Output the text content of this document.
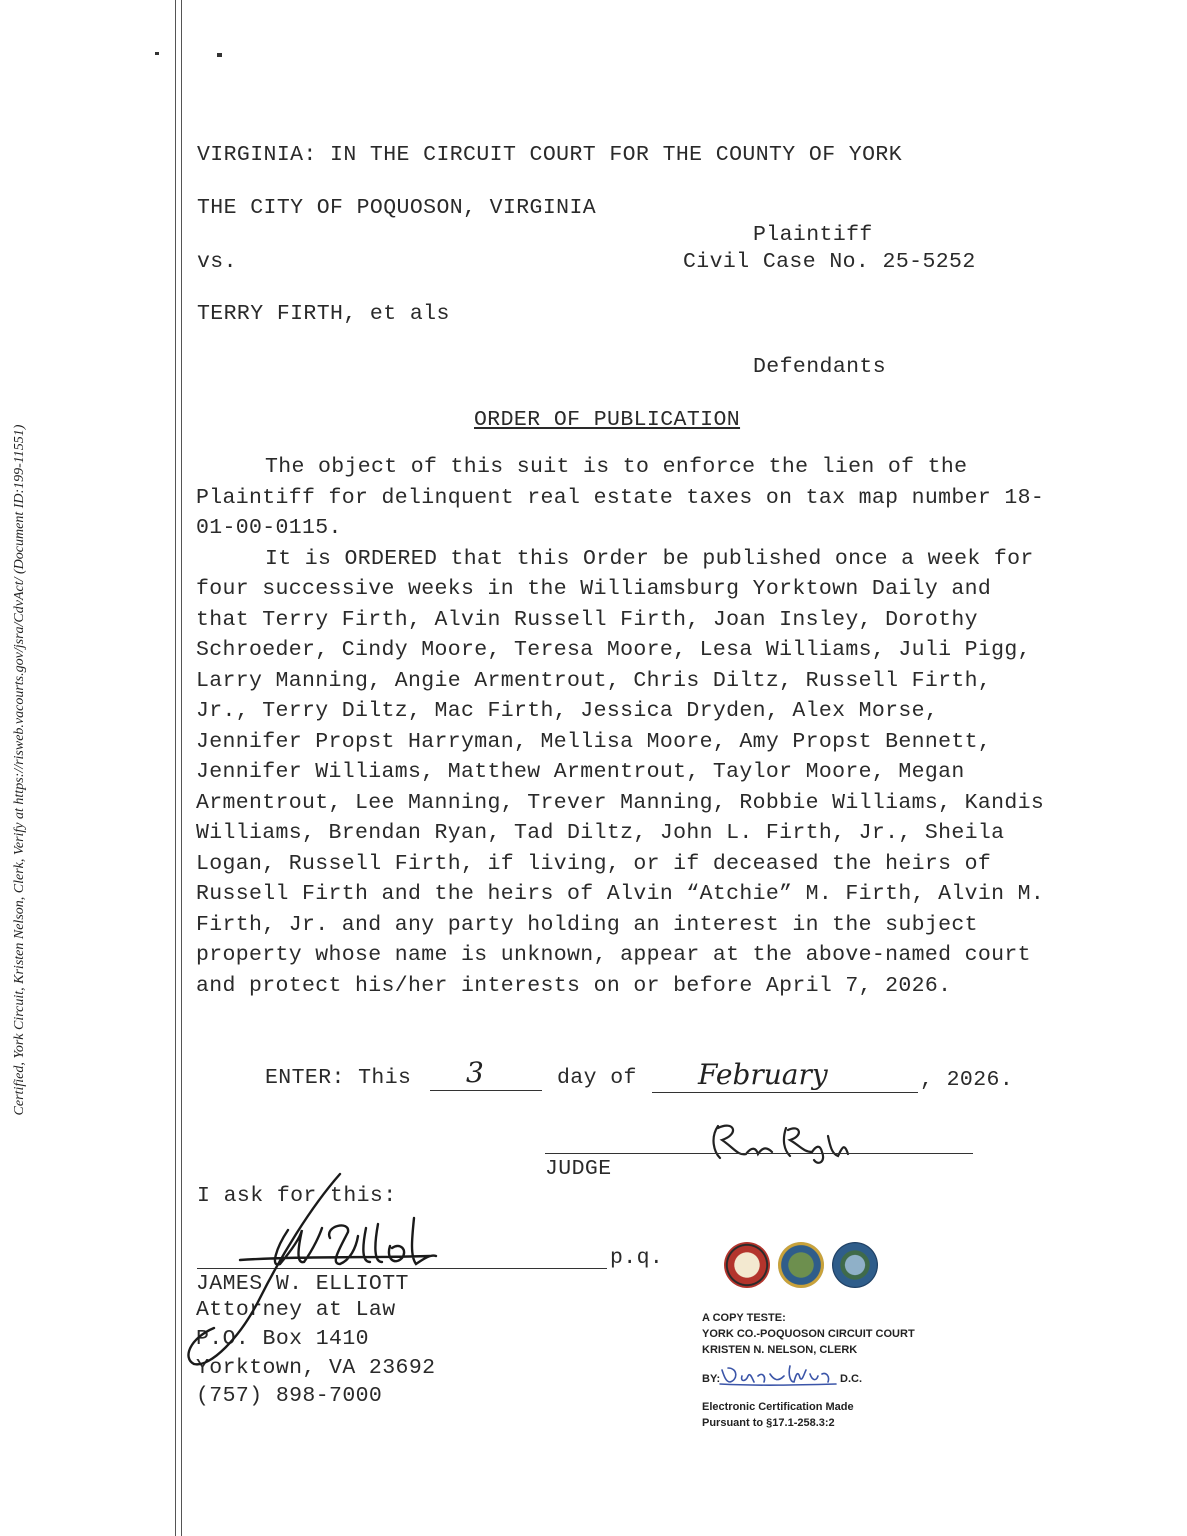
Certified, York Circuit, Kristen Nelson, Clerk, Verify at https://risweb.vacourts.gov/jsra/CdvAct/ (Document ID:199-11551)
VIRGINIA: IN THE CIRCUIT COURT FOR THE COUNTY OF YORK
THE CITY OF POQUOSON, VIRGINIA
Plaintiff
vs.	Civil Case No. 25-5252
TERRY FIRTH, et als
Defendants
ORDER OF PUBLICATION

The object of this suit is to enforce the lien of the Plaintiff for delinquent real estate taxes on tax map number 18-01-00-0115.

It is ORDERED that this Order be published once a week for four successive weeks in the Williamsburg Yorktown Daily and that Terry Firth, Alvin Russell Firth, Joan Insley, Dorothy Schroeder, Cindy Moore, Teresa Moore, Lesa Williams, Juli Pigg, Larry Manning, Angie Armentrout, Chris Diltz, Russell Firth, Jr., Terry Diltz, Mac Firth, Jessica Dryden, Alex Morse, Jennifer Propst Harryman, Mellisa Moore, Amy Propst Bennett, Jennifer Williams, Matthew Armentrout, Taylor Moore, Megan Armentrout, Lee Manning, Trever Manning, Robbie Williams, Kandis Williams, Brendan Ryan, Tad Diltz, John L. Firth, Jr., Sheila Logan, Russell Firth, if living, or if deceased the heirs of Russell Firth and the heirs of Alvin “Atchie” M. Firth, Alvin M. Firth, Jr. and any party holding an interest in the subject property whose name is unknown, appear at the above-named court and protect his/her interests on or before April 7, 2026.

ENTER: This 3	day of February	, 2026.
JUDGE
I ask for this:
p.q.
JAMES W. ELLIOTT
Attorney at Law
P.O. Box 1410
Yorktown, VA 23692
(757) 898-7000
A COPY TESTE:
YORK CO.-POQUOSON CIRCUIT COURT
KRISTEN N. NELSON, CLERK
BY:	D.C.
Electronic Certification Made
Pursuant to §17.1-258.3:2
